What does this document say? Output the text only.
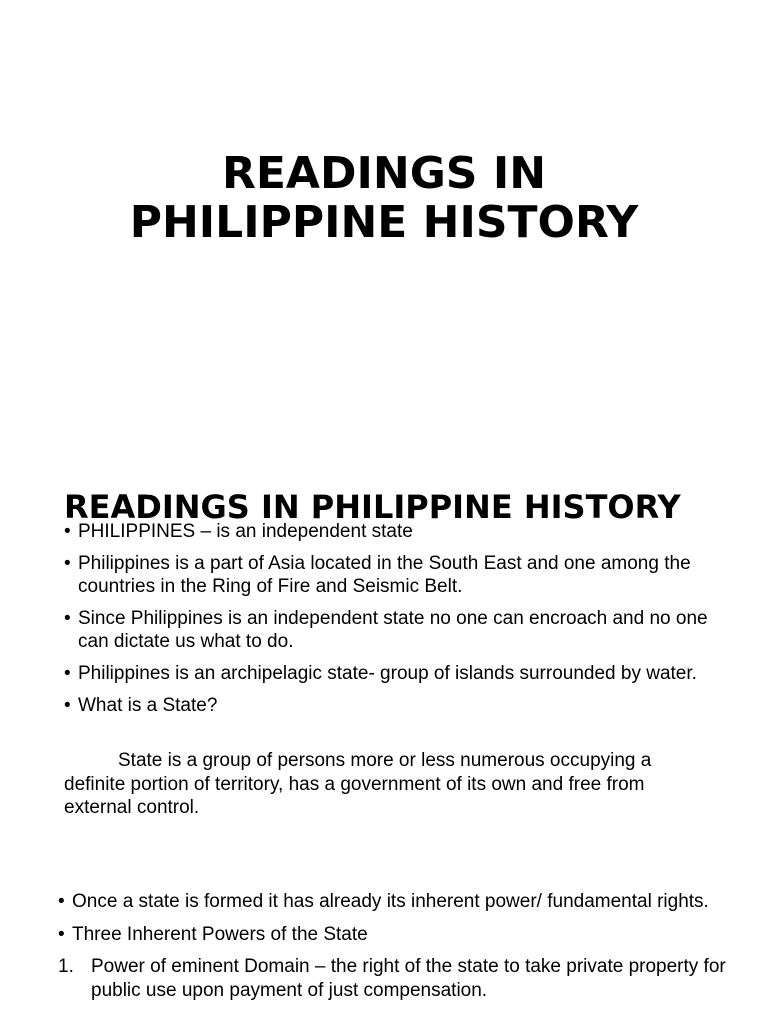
READINGS IN
PHILIPPINE HISTORY
READINGS IN PHILIPPINE HISTORY
• PHILIPPINES – is an independent state
• Philippines is a part of Asia located in the South East and one among the countries in the Ring of Fire and Seismic Belt.
• Since Philippines is an independent state no one can encroach and no one can dictate us what to do.
• Philippines is an archipelagic state- group of islands surrounded by water.
• What is a State?

State is a group of persons more or less numerous occupying a definite portion of territory, has a government of its own and free from external control.

• Once a state is formed it has already its inherent power/ fundamental rights.
• Three Inherent Powers of the State
1. Power of eminent Domain – the right of the state to take private property for public use upon payment of just compensation.
